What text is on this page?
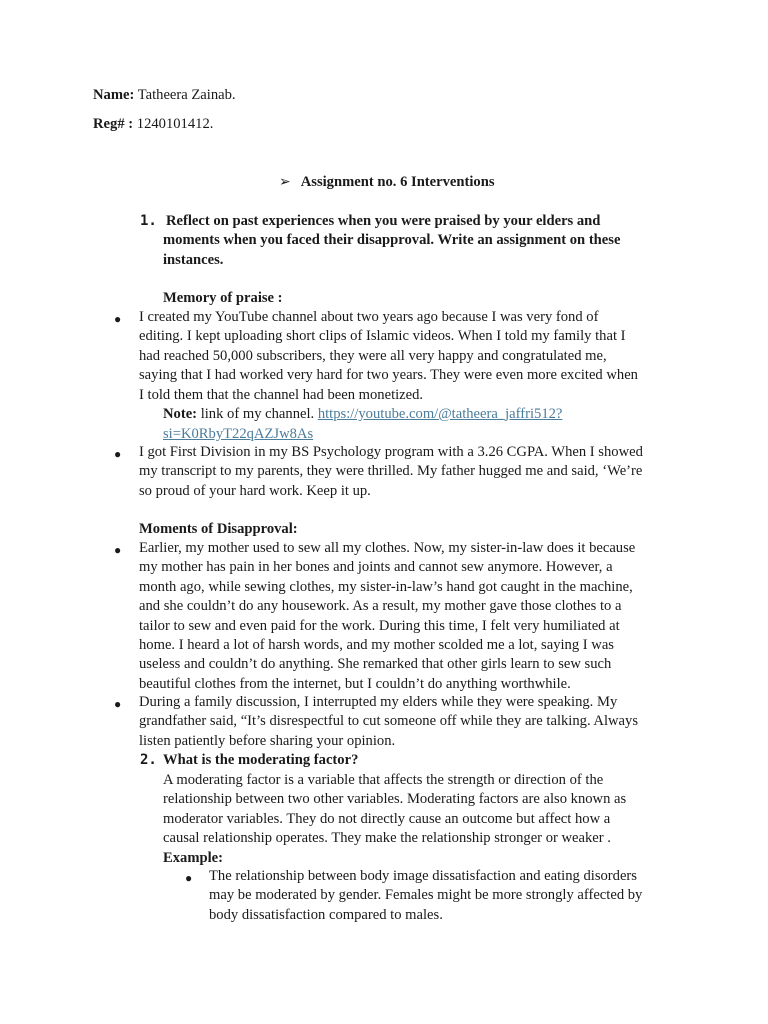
Name: Tatheera Zainab.
Reg# : 1240101412.
➢ Assignment no. 6 Interventions
1. Reflect on past experiences when you were praised by your elders and
moments when you faced their disapproval. Write an assignment on these
instances.
Memory of praise :
● I created my YouTube channel about two years ago because I was very fond of
editing. I kept uploading short clips of Islamic videos. When I told my family that I
had reached 50,000 subscribers, they were all very happy and congratulated me,
saying that I had worked very hard for two years. They were even more excited when
I told them that the channel had been monetized.
Note: link of my channel. https://youtube.com/@tatheera_jaffri512?
si=K0RbyT22qAZJw8As
● I got First Division in my BS Psychology program with a 3.26 CGPA. When I showed
my transcript to my parents, they were thrilled. My father hugged me and said, ‘We’re
so proud of your hard work. Keep it up.
Moments of Disapproval:
● Earlier, my mother used to sew all my clothes. Now, my sister-in-law does it because
my mother has pain in her bones and joints and cannot sew anymore. However, a
month ago, while sewing clothes, my sister-in-law’s hand got caught in the machine,
and she couldn’t do any housework. As a result, my mother gave those clothes to a
tailor to sew and even paid for the work. During this time, I felt very humiliated at
home. I heard a lot of harsh words, and my mother scolded me a lot, saying I was
useless and couldn’t do anything. She remarked that other girls learn to sew such
beautiful clothes from the internet, but I couldn’t do anything worthwhile.
● During a family discussion, I interrupted my elders while they were speaking. My
grandfather said, “It’s disrespectful to cut someone off while they are talking. Always
listen patiently before sharing your opinion.
2. What is the moderating factor?
A moderating factor is a variable that affects the strength or direction of the
relationship between two other variables. Moderating factors are also known as
moderator variables. They do not directly cause an outcome but affect how a
causal relationship operates. They make the relationship stronger or weaker .
Example:
● The relationship between body image dissatisfaction and eating disorders
may be moderated by gender. Females might be more strongly affected by
body dissatisfaction compared to males.
